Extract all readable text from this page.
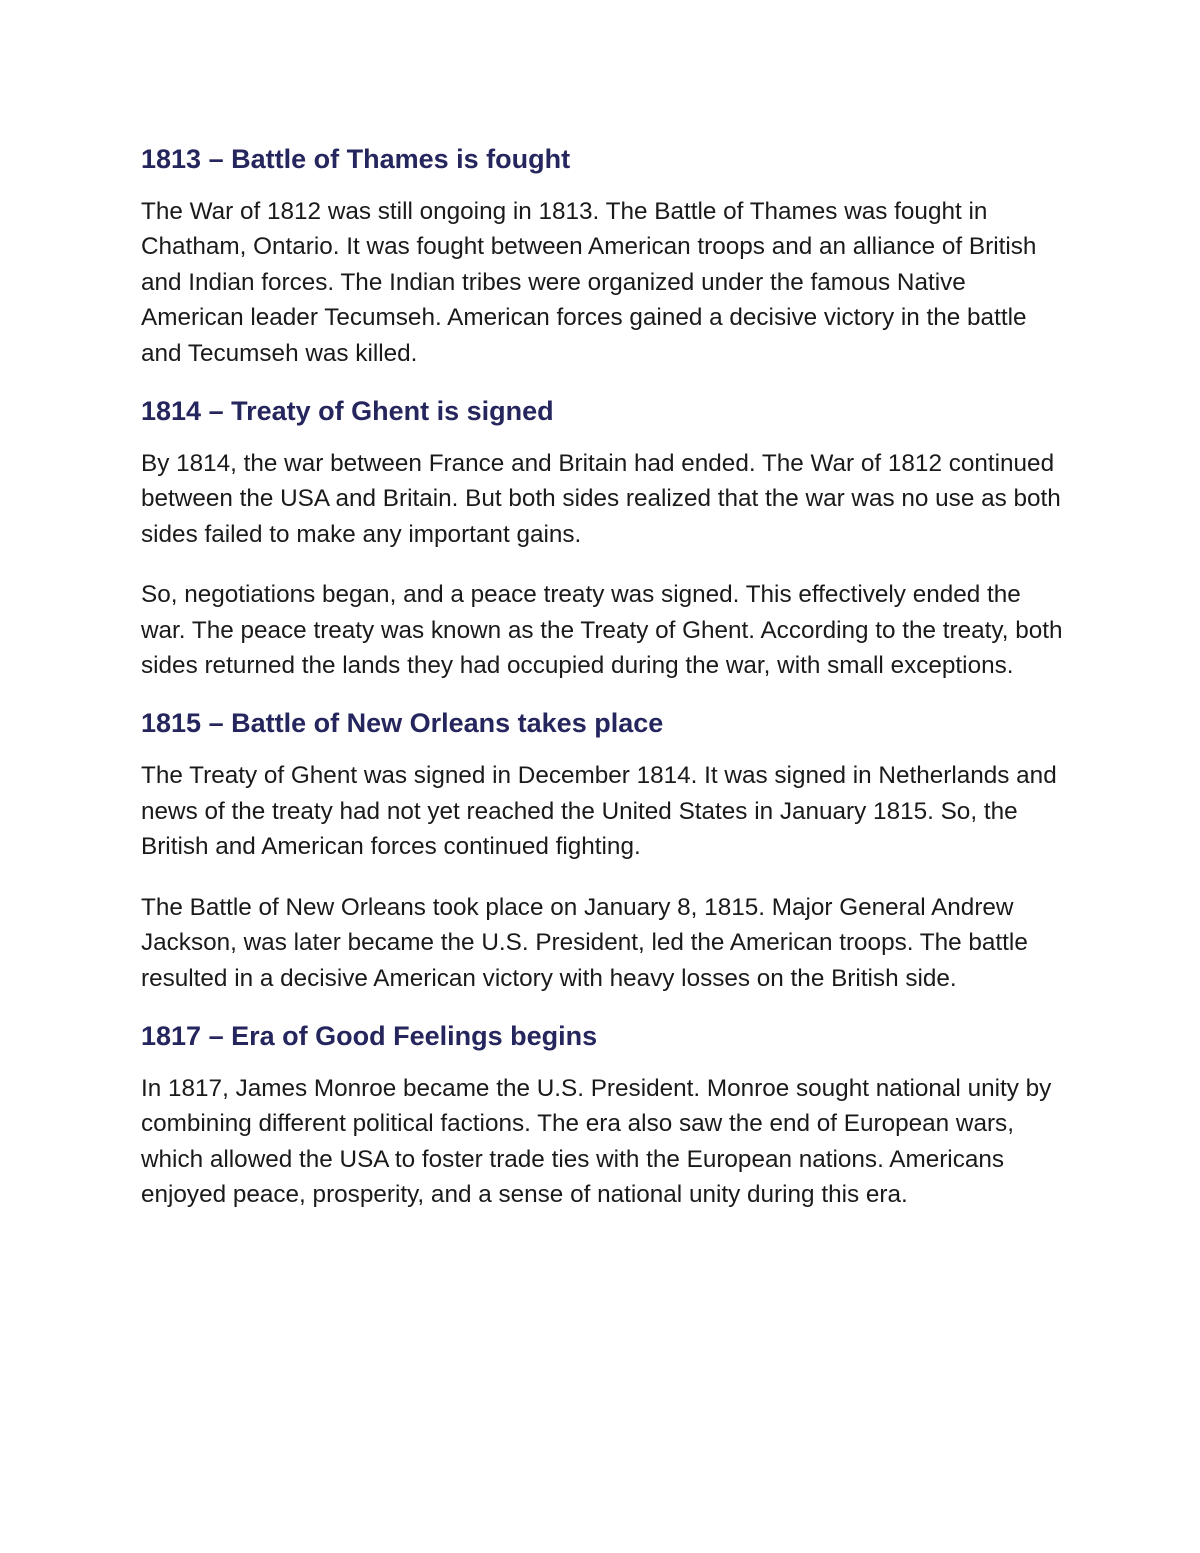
1813 – Battle of Thames is fought

The War of 1812 was still ongoing in 1813. The Battle of Thames was fought in Chatham, Ontario. It was fought between American troops and an alliance of British and Indian forces. The Indian tribes were organized under the famous Native American leader Tecumseh. American forces gained a decisive victory in the battle and Tecumseh was killed.

1814 – Treaty of Ghent is signed

By 1814, the war between France and Britain had ended. The War of 1812 continued between the USA and Britain. But both sides realized that the war was no use as both sides failed to make any important gains.

So, negotiations began, and a peace treaty was signed. This effectively ended the war. The peace treaty was known as the Treaty of Ghent. According to the treaty, both sides returned the lands they had occupied during the war, with small exceptions.

1815 – Battle of New Orleans takes place

The Treaty of Ghent was signed in December 1814. It was signed in Netherlands and news of the treaty had not yet reached the United States in January 1815. So, the British and American forces continued fighting.

The Battle of New Orleans took place on January 8, 1815. Major General Andrew Jackson, was later became the U.S. President, led the American troops. The battle resulted in a decisive American victory with heavy losses on the British side.

1817 – Era of Good Feelings begins

In 1817, James Monroe became the U.S. President. Monroe sought national unity by combining different political factions. The era also saw the end of European wars, which allowed the USA to foster trade ties with the European nations. Americans enjoyed peace, prosperity, and a sense of national unity during this era.
